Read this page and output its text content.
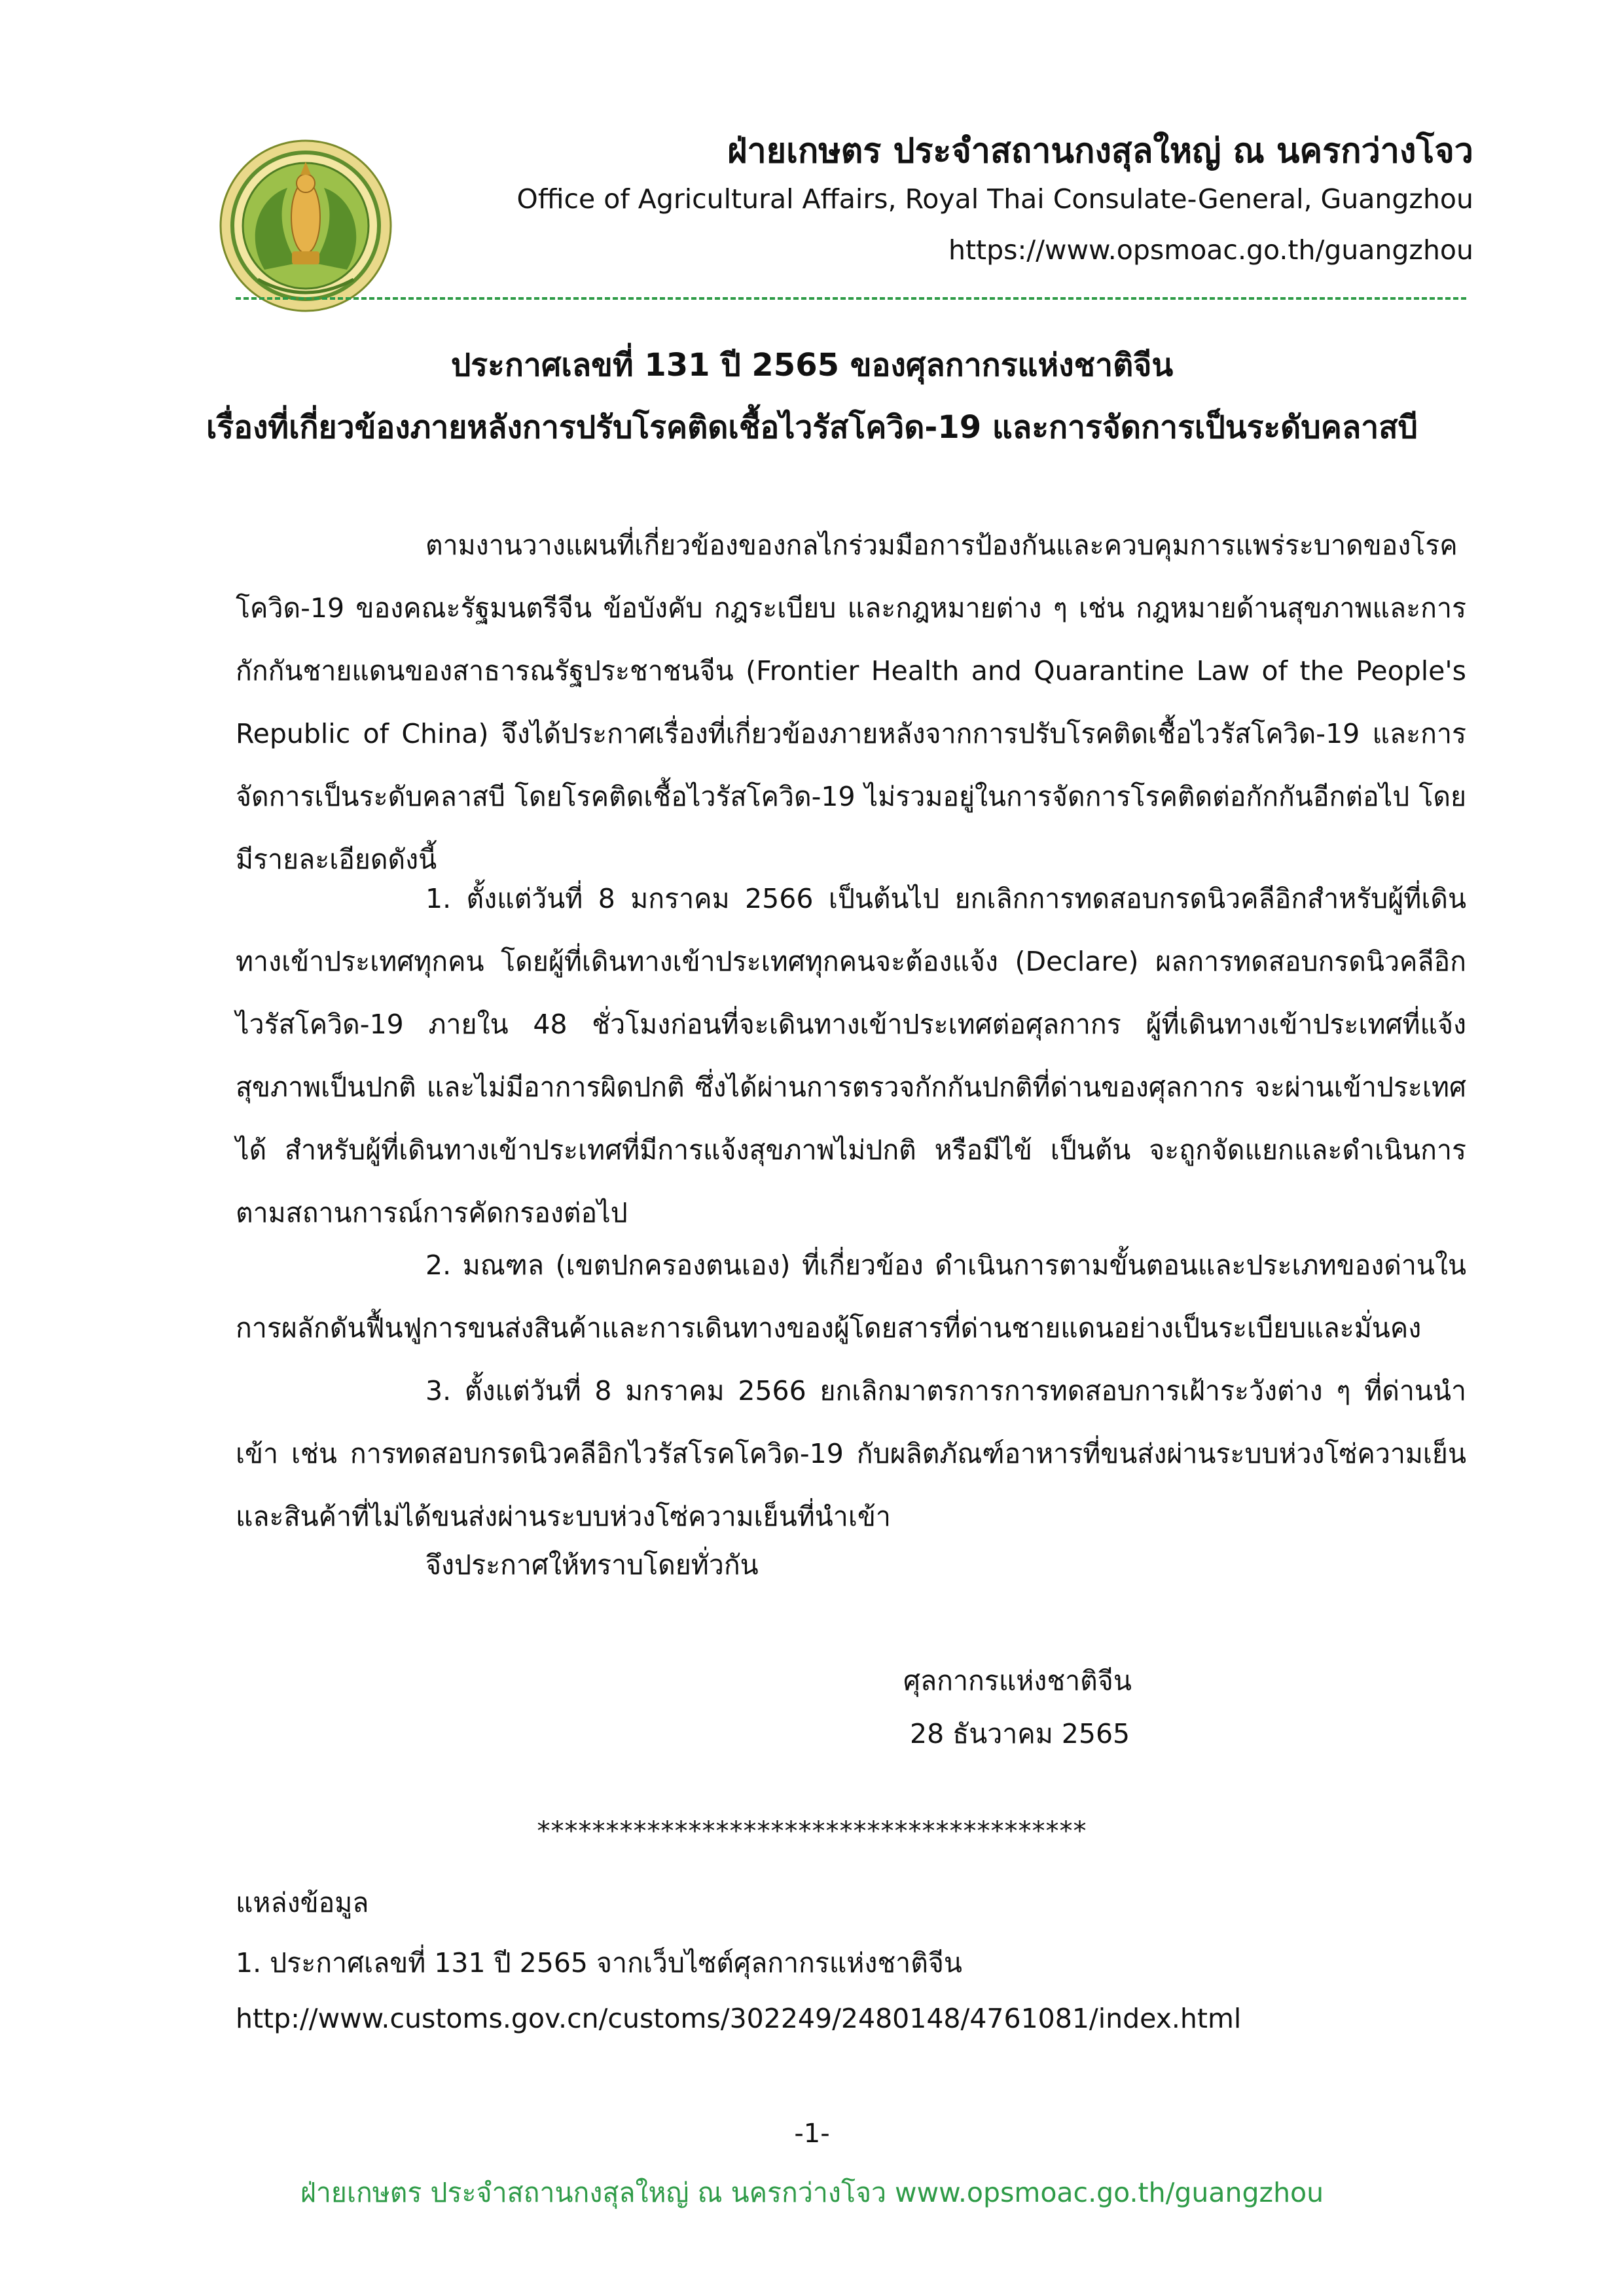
ฝ่ายเกษตร ประจำสถานกงสุลใหญ่ ณ นครกว่างโจว
Office of Agricultural Affairs, Royal Thai Consulate-General, Guangzhou
https://www.opsmoac.go.th/guangzhou
ประกาศเลขที่ 131 ปี 2565 ของศุลกากรแห่งชาติจีน
เรื่องที่เกี่ยวข้องภายหลังการปรับโรคติดเชื้อไวรัสโควิด-19 และการจัดการเป็นระดับคลาสบี

ตามงานวางแผนที่เกี่ยวข้องของกลไกร่วมมือการป้องกันและควบคุมการแพร่ระบาดของโรคโควิด-19 ของคณะรัฐมนตรีจีน ข้อบังคับ กฎระเบียบ และกฎหมายต่าง ๆ เช่น กฎหมายด้านสุขภาพและการกักกันชายแดนของสาธารณรัฐประชาชนจีน (Frontier Health and Quarantine Law of the People's Republic of China) จึงได้ประกาศเรื่องที่เกี่ยวข้องภายหลังจากการปรับโรคติดเชื้อไวรัสโควิด-19 และการจัดการเป็นระดับคลาสบี โดยโรคติดเชื้อไวรัสโควิด-19 ไม่รวมอยู่ในการจัดการโรคติดต่อกักกันอีกต่อไป โดยมีรายละเอียดดังนี้

1. ตั้งแต่วันที่ 8 มกราคม 2566 เป็นต้นไป ยกเลิกการทดสอบกรดนิวคลีอิกสำหรับผู้ที่เดินทางเข้าประเทศทุกคน โดยผู้ที่เดินทางเข้าประเทศทุกคนจะต้องแจ้ง (Declare) ผลการทดสอบกรดนิวคลีอิกไวรัสโควิด-19 ภายใน 48 ชั่วโมงก่อนที่จะเดินทางเข้าประเทศต่อศุลกากร ผู้ที่เดินทางเข้าประเทศที่แจ้งสุขภาพเป็นปกติ และไม่มีอาการผิดปกติ ซึ่งได้ผ่านการตรวจกักกันปกติที่ด่านของศุลกากร จะผ่านเข้าประเทศได้ สำหรับผู้ที่เดินทางเข้าประเทศที่มีการแจ้งสุขภาพไม่ปกติ หรือมีไข้ เป็นต้น จะถูกจัดแยกและดำเนินการตามสถานการณ์การคัดกรองต่อไป

2. มณฑล (เขตปกครองตนเอง) ที่เกี่ยวข้อง ดำเนินการตามขั้นตอนและประเภทของด่านในการผลักดันฟื้นฟูการขนส่งสินค้าและการเดินทางของผู้โดยสารที่ด่านชายแดนอย่างเป็นระเบียบและมั่นคง

3. ตั้งแต่วันที่ 8 มกราคม 2566 ยกเลิกมาตรการการทดสอบการเฝ้าระวังต่าง ๆ ที่ด่านนำเข้า เช่น การทดสอบกรดนิวคลีอิกไวรัสโรคโควิด-19 กับผลิตภัณฑ์อาหารที่ขนส่งผ่านระบบห่วงโซ่ความเย็นและสินค้าที่ไม่ได้ขนส่งผ่านระบบห่วงโซ่ความเย็นที่นำเข้า

จึงประกาศให้ทราบโดยทั่วกัน
ศุลกากรแห่งชาติจีน
28 ธันวาคม 2565
****************************************
แหล่งข้อมูล
1. ประกาศเลขที่ 131 ปี 2565 จากเว็บไซต์ศุลกากรแห่งชาติจีน
http://www.customs.gov.cn/customs/302249/2480148/4761081/index.html
-1-
ฝ่ายเกษตร ประจำสถานกงสุลใหญ่ ณ นครกว่างโจว www.opsmoac.go.th/guangzhou
